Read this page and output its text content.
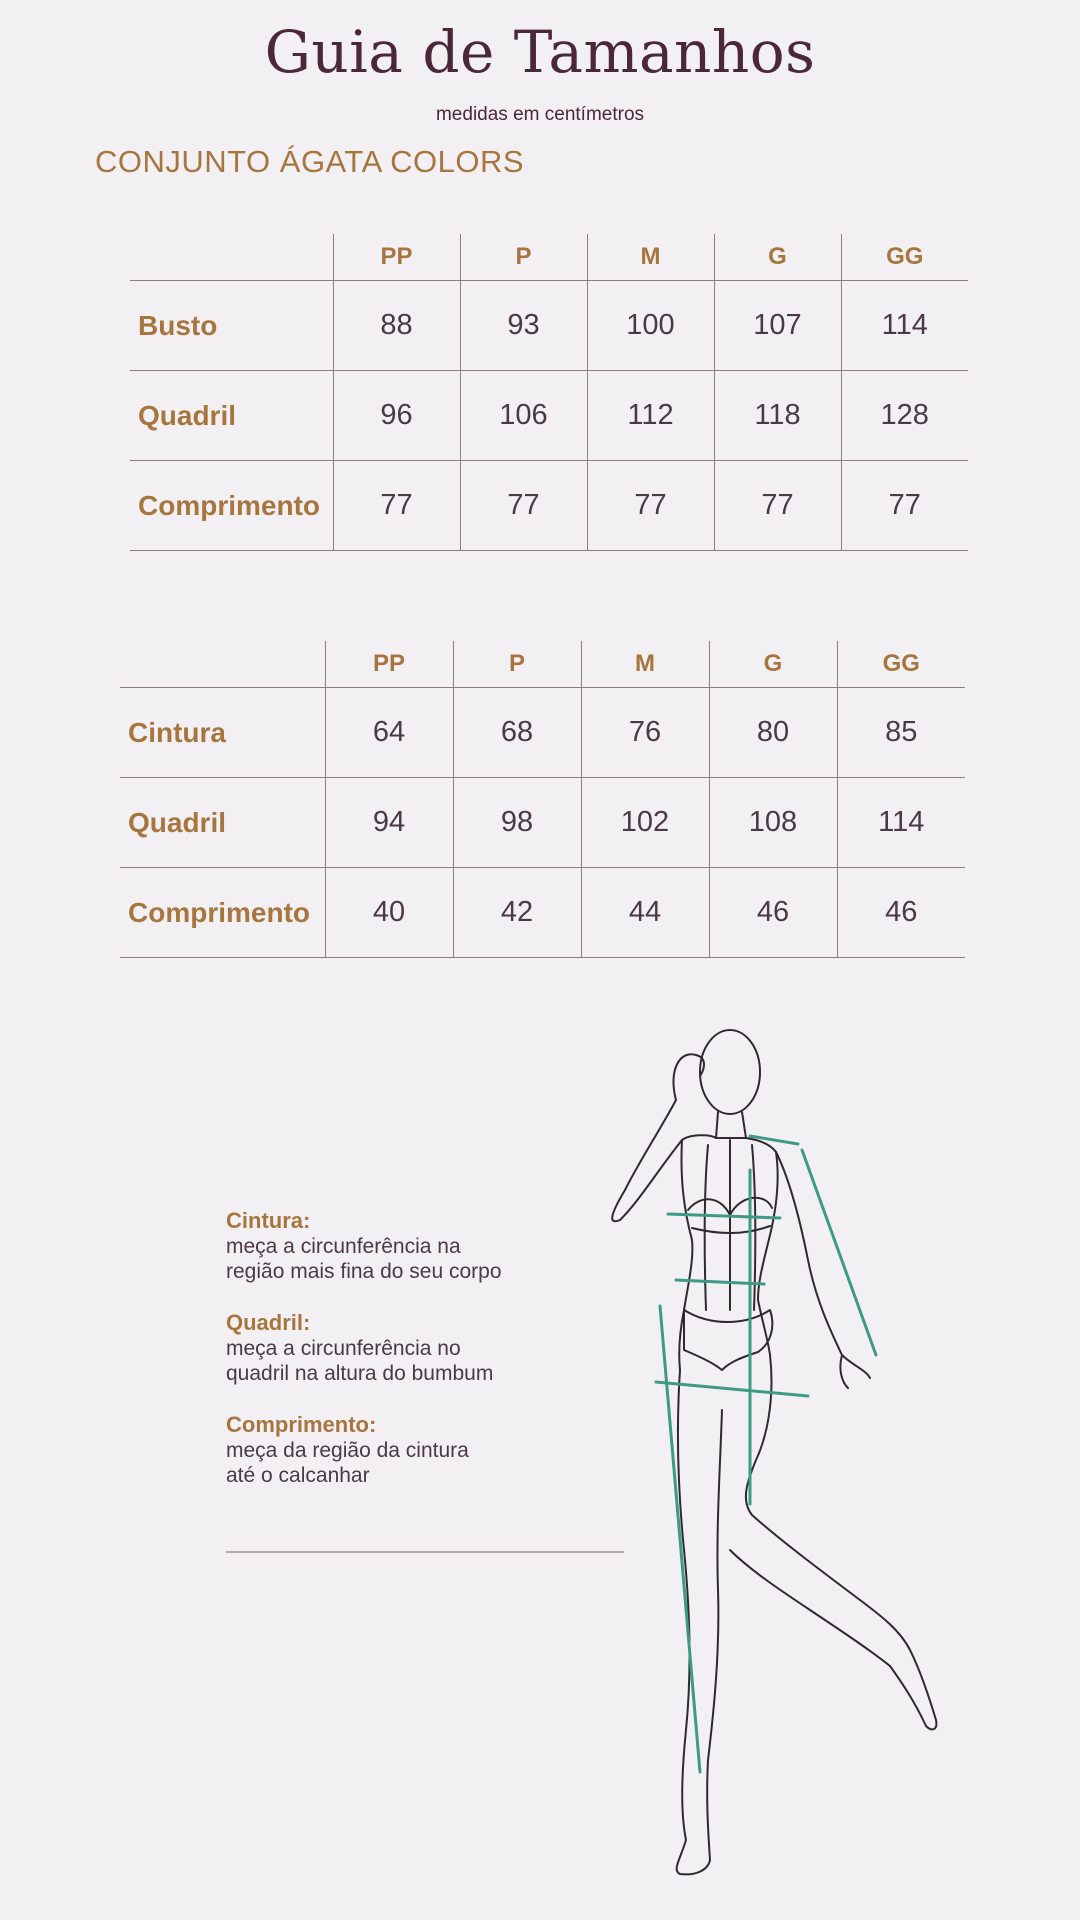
Guia de Tamanhos
medidas em centímetros
CONJUNTO ÁGATA COLORS
	PP	P	M	G	GG
Busto	88	93	100	107	114
Quadril	96	106	112	118	128
Comprimento	77	77	77	77	77
	PP	P	M	G	GG
Cintura	64	68	76	80	85
Quadril	94	98	102	108	114
Comprimento	40	42	44	46	46
Cintura:
meça a circunferência na
região mais fina do seu corpo
Quadril:
meça a circunferência no
quadril na altura do bumbum
Comprimento:
meça da região da cintura
até o calcanhar
